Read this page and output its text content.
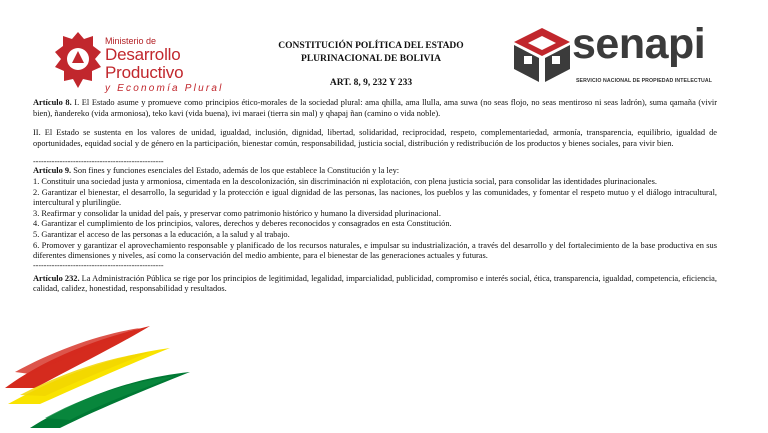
Ministerio de
Desarrollo Productivo
y Economía Plural
CONSTITUCIÓN POLÍTICA DEL ESTADO
PLURINACIONAL DE BOLIVIA
ART. 8, 9, 232 Y 233
senapi
SERVICIO NACIONAL DE PROPIEDAD INTELECTUAL

Artículo 8. I. El Estado asume y promueve como principios ético-morales de la sociedad plural: ama qhilla, ama llulla, ama suwa (no seas flojo, no seas mentiroso ni seas ladrón), suma qamaña (vivir bien), ñandereko (vida armoniosa), teko kavi (vida buena), ivi maraei (tierra sin mal) y qhapaj ñan (camino o vida noble).

II. El Estado se sustenta en los valores de unidad, igualdad, inclusión, dignidad, libertad, solidaridad, reciprocidad, respeto, complementariedad, armonía, transparencia, equilibrio, igualdad de oportunidades, equidad social y de género en la participación, bienestar común, responsabilidad, justicia social, distribución y redistribución de los productos y bienes sociales, para vivir bien.

-------------------------------------------------

Artículo 9. Son fines y funciones esenciales del Estado, además de los que establece la Constitución y la ley:

1. Constituir una sociedad justa y armoniosa, cimentada en la descolonización, sin discriminación ni explotación, con plena justicia social, para consolidar las identidades plurinacionales.

2. Garantizar el bienestar, el desarrollo, la seguridad y la protección e igual dignidad de las personas, las naciones, los pueblos y las comunidades, y fomentar el respeto mutuo y el diálogo intracultural, intercultural y plurilingüe.

3. Reafirmar y consolidar la unidad del país, y preservar como patrimonio histórico y humano la diversidad plurinacional.

4. Garantizar el cumplimiento de los principios, valores, derechos y deberes reconocidos y consagrados en esta Constitución.

5. Garantizar el acceso de las personas a la educación, a la salud y al trabajo.

6. Promover y garantizar el aprovechamiento responsable y planificado de los recursos naturales, e impulsar su industrialización, a través del desarrollo y del fortalecimiento de la base productiva en sus diferentes dimensiones y niveles, así como la conservación del medio ambiente, para el bienestar de las generaciones actuales y futuras.

-------------------------------------------------

Artículo 232. La Administración Pública se rige por los principios de legitimidad, legalidad, imparcialidad, publicidad, compromiso e interés social, ética, transparencia, igualdad, competencia, eficiencia, calidad, calidez, honestidad, responsabilidad y resultados.
